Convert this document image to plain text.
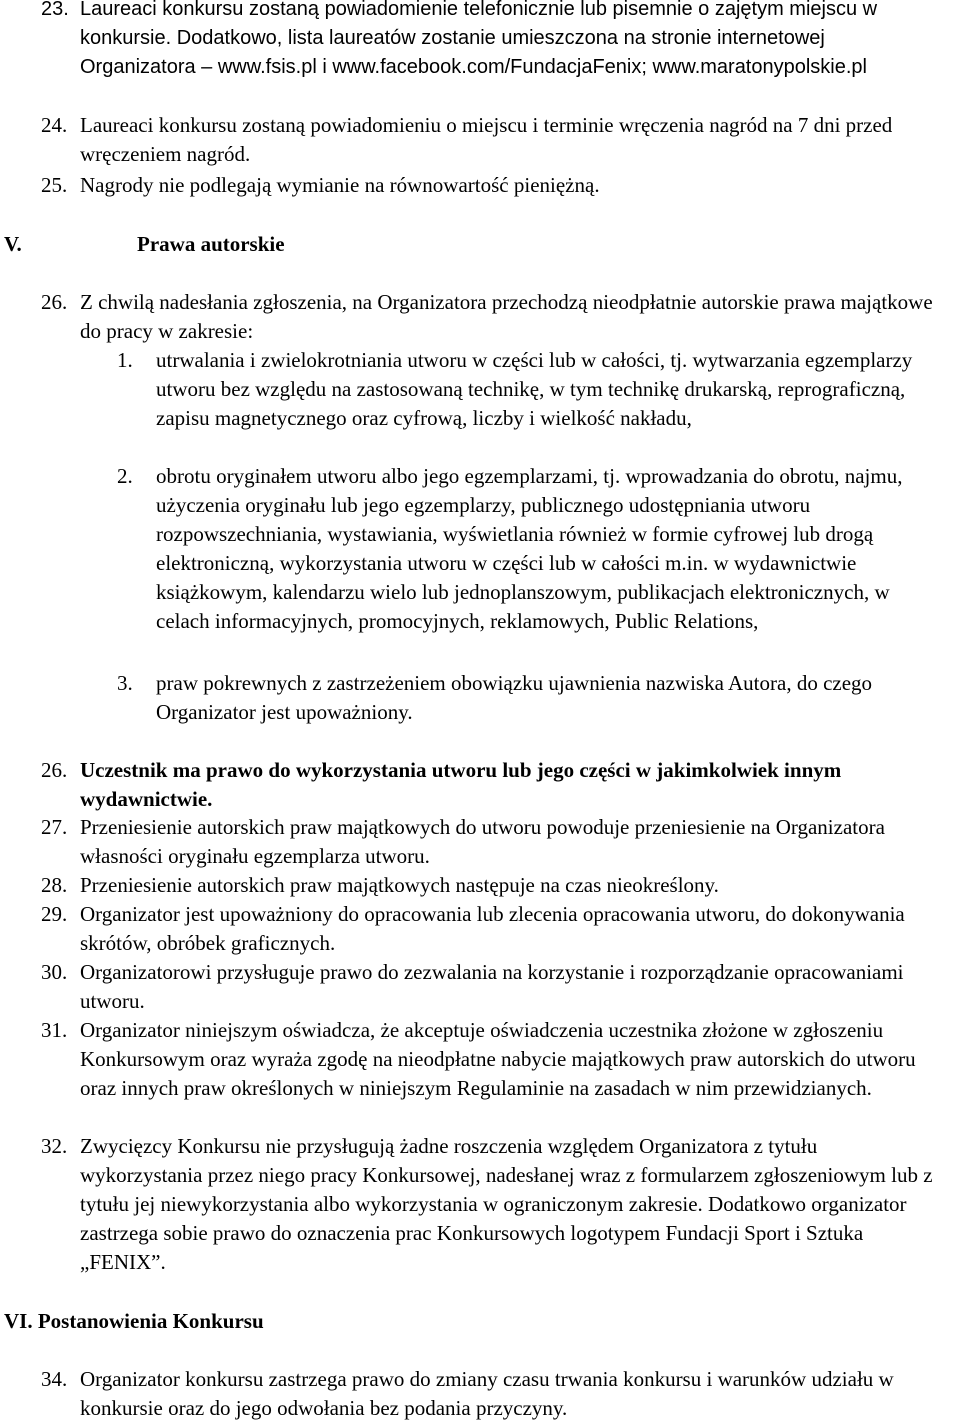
23. Laureaci konkursu zostaną powiadomienie telefonicznie lub pisemnie o zajętym miejscu w konkursie. Dodatkowo, lista laureatów zostanie umieszczona na stronie internetowej Organizatora – www.fsis.pl i www.facebook.com/FundacjaFenix; www.maratonypolskie.pl
24. Laureaci konkursu zostaną powiadomieniu o miejscu i terminie wręczenia nagród na 7 dni przed wręczeniem nagród.
25. Nagrody nie podlegają wymianie na równowartość pieniężną.
V.	Prawa autorskie
26. Z chwilą nadesłania zgłoszenia, na Organizatora przechodzą nieodpłatnie autorskie prawa majątkowe do pracy w zakresie:
1. utrwalania i zwielokrotniania utworu w części lub w całości, tj. wytwarzania egzemplarzy utworu bez względu na zastosowaną technikę, w tym technikę drukarską, reprograficzną, zapisu magnetycznego oraz cyfrową, liczby i wielkość nakładu,
2. obrotu oryginałem utworu albo jego egzemplarzami, tj. wprowadzania do obrotu, najmu, użyczenia oryginału lub jego egzemplarzy, publicznego udostępniania utworu rozpowszechniania, wystawiania, wyświetlania również w formie cyfrowej lub drogą elektroniczną, wykorzystania utworu w części lub w całości m.in. w wydawnictwie książkowym, kalendarzu wielo lub jednoplanszowym, publikacjach elektronicznych, w celach informacyjnych, promocyjnych, reklamowych, Public Relations,
3. praw pokrewnych z zastrzeżeniem obowiązku ujawnienia nazwiska Autora, do czego Organizator jest upoważniony.
26. Uczestnik ma prawo do wykorzystania utworu lub jego części w jakimkolwiek innym wydawnictwie.
27. Przeniesienie autorskich praw majątkowych do utworu powoduje przeniesienie na Organizatora własności oryginału egzemplarza utworu.
28. Przeniesienie autorskich praw majątkowych następuje na czas nieokreślony.
29. Organizator jest upoważniony do opracowania lub zlecenia opracowania utworu, do dokonywania skrótów, obróbek graficznych.
30. Organizatorowi przysługuje prawo do zezwalania na korzystanie i rozporządzanie opracowaniami utworu.
31. Organizator niniejszym oświadcza, że akceptuje oświadczenia uczestnika złożone w zgłoszeniu Konkursowym oraz wyraża zgodę na nieodpłatne nabycie majątkowych praw autorskich do utworu oraz innych praw określonych w niniejszym Regulaminie na zasadach w nim przewidzianych.
32. Zwycięzcy Konkursu nie przysługują żadne roszczenia względem Organizatora z tytułu wykorzystania przez niego pracy Konkursowej, nadesłanej wraz z formularzem zgłoszeniowym lub z tytułu jej niewykorzystania albo wykorzystania w ograniczonym zakresie. Dodatkowo organizator zastrzega sobie prawo do oznaczenia prac Konkursowych logotypem Fundacji Sport i Sztuka „FENIX”.
VI. Postanowienia Konkursu
34. Organizator konkursu zastrzega prawo do zmiany czasu trwania konkursu i warunków udziału w konkursie oraz do jego odwołania bez podania przyczyny.
